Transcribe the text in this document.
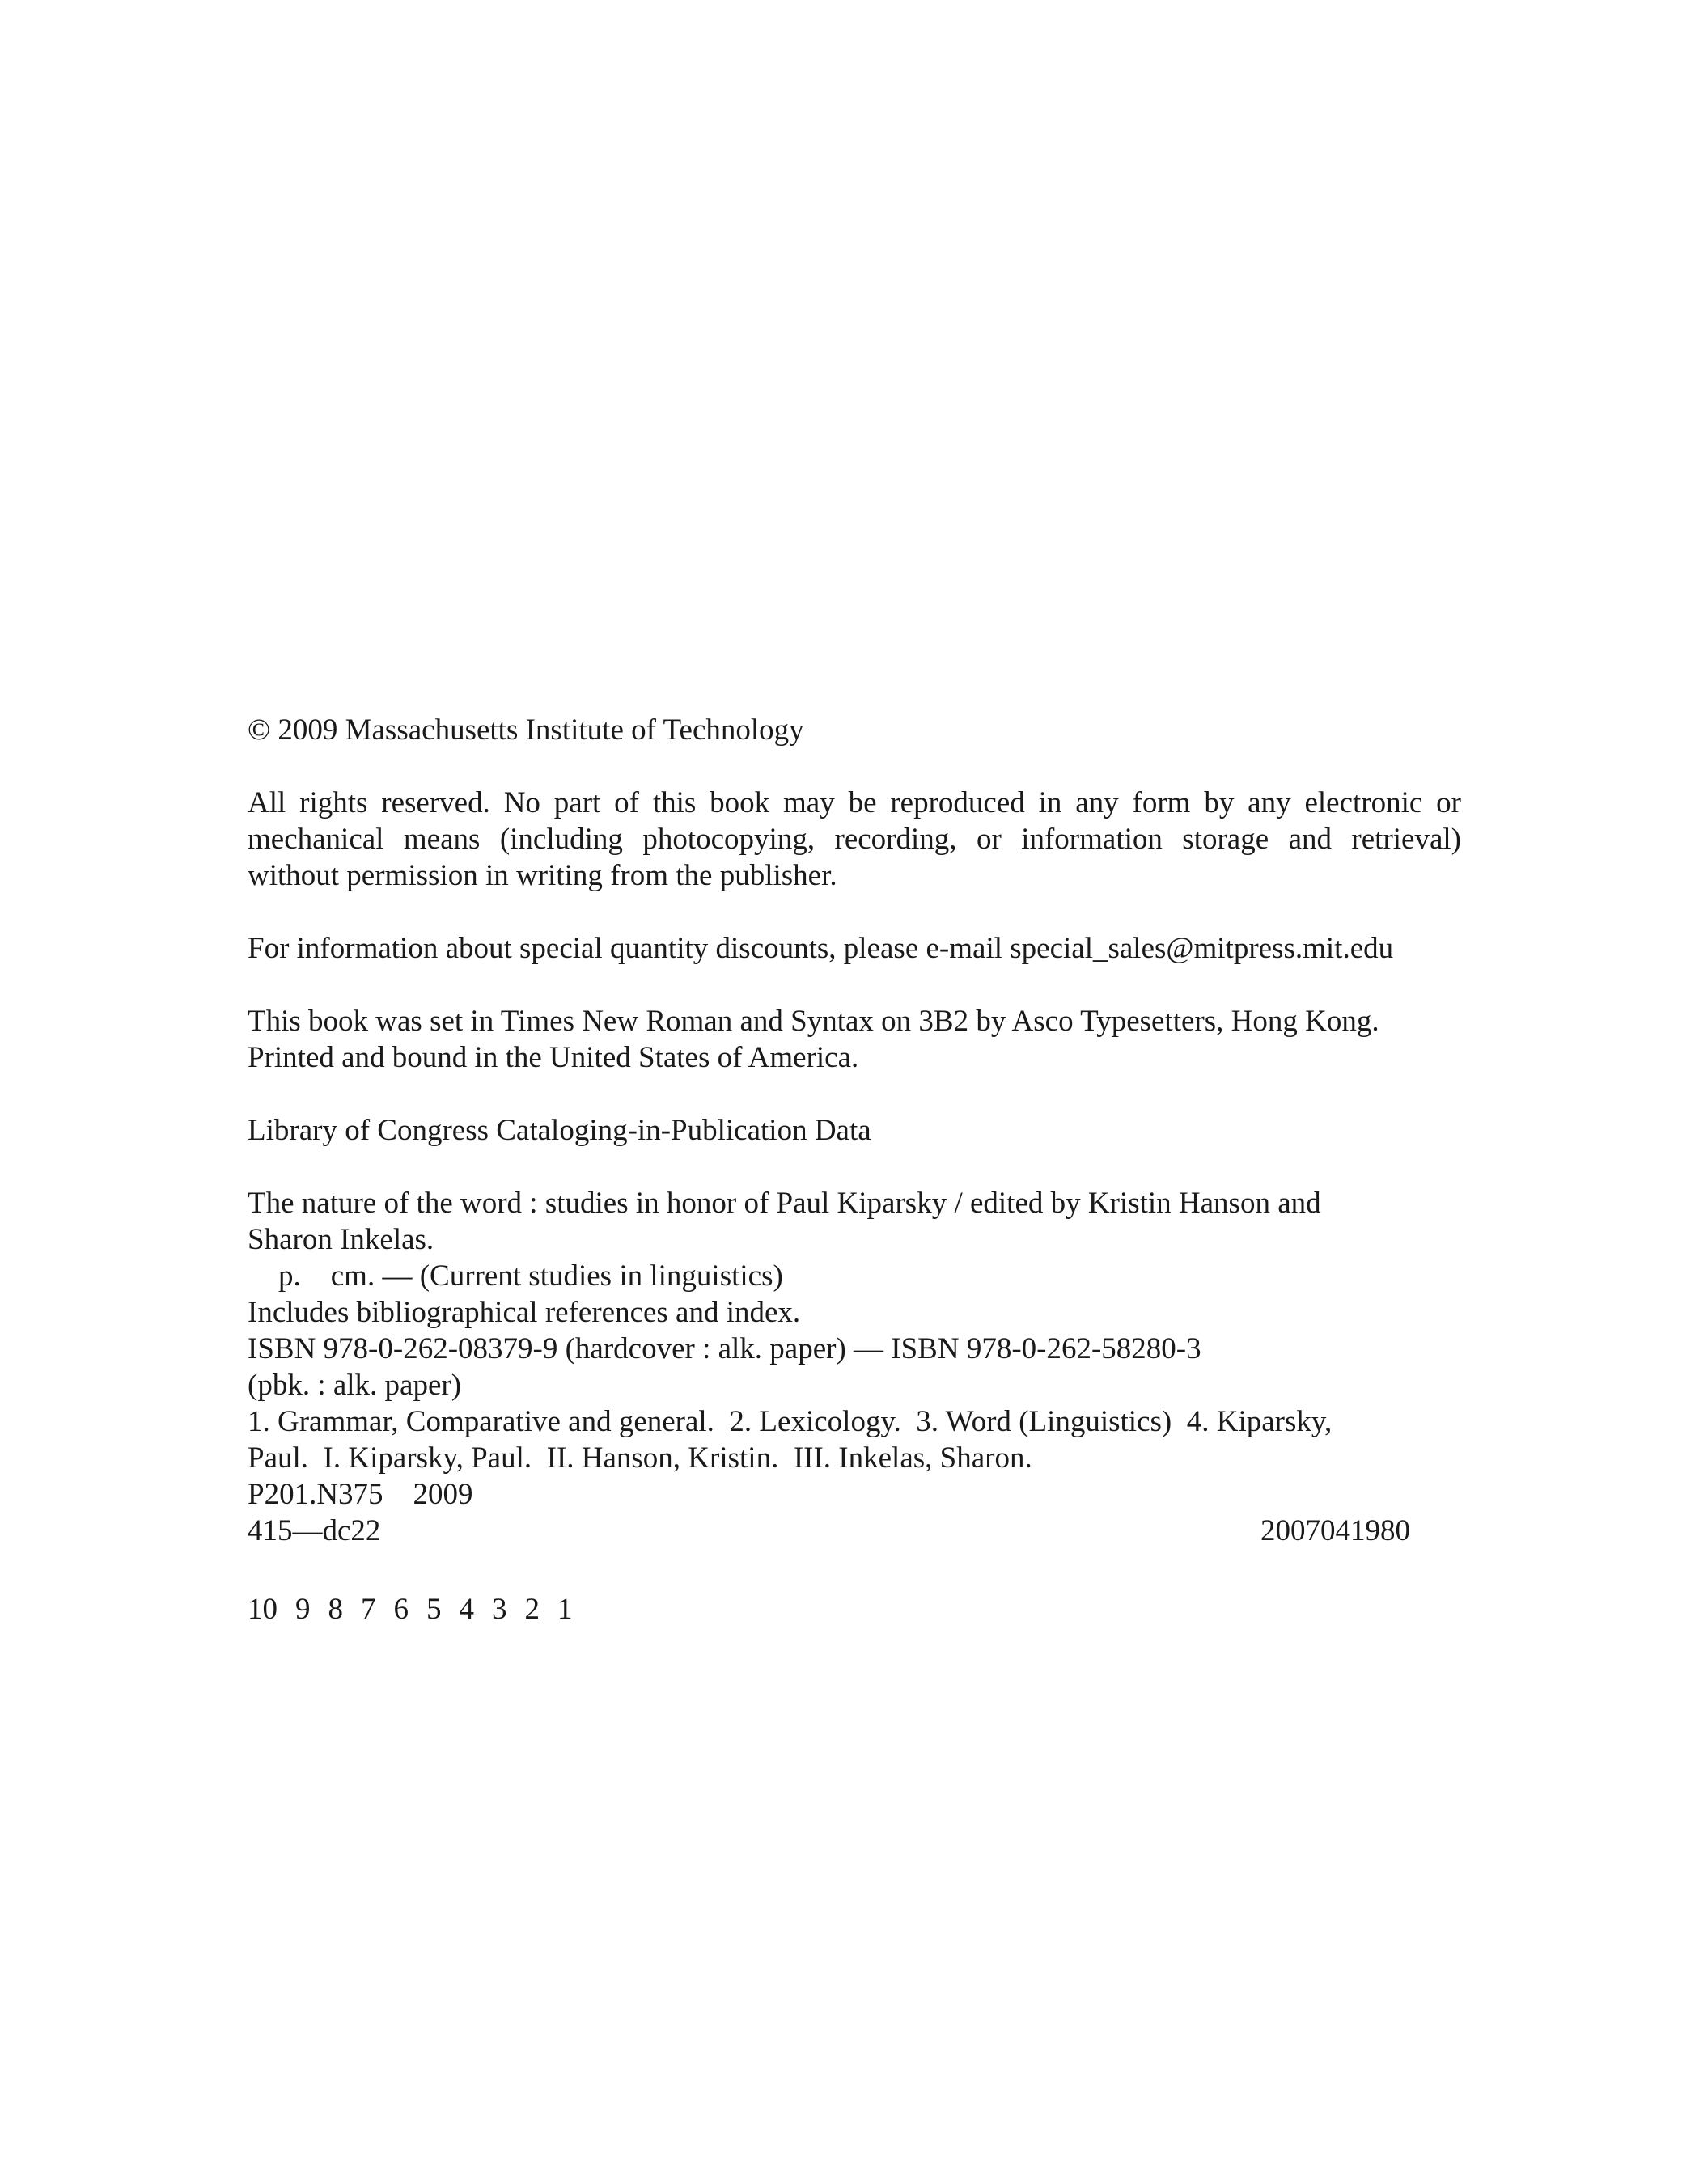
© 2009 Massachusetts Institute of Technology
All rights reserved. No part of this book may be reproduced in any form by any electronic or
mechanical means (including photocopying, recording, or information storage and retrieval)
without permission in writing from the publisher.
For information about special quantity discounts, please e-mail special_sales@mitpress.mit.edu
This book was set in Times New Roman and Syntax on 3B2 by Asco Typesetters, Hong Kong.
Printed and bound in the United States of America.
Library of Congress Cataloging-in-Publication Data
The nature of the word : studies in honor of Paul Kiparsky / edited by Kristin Hanson and
Sharon Inkelas.
p.    cm. — (Current studies in linguistics)
Includes bibliographical references and index.
ISBN 978-0-262-08379-9 (hardcover : alk. paper) — ISBN 978-0-262-58280-3
(pbk. : alk. paper)
1. Grammar, Comparative and general.  2. Lexicology.  3. Word (Linguistics)  4. Kiparsky,
Paul.  I. Kiparsky, Paul.  II. Hanson, Kristin.  III. Inkelas, Sharon.
P201.N375    2009
415—dc22	2007041980
10 9 8 7 6 5 4 3 2 1
